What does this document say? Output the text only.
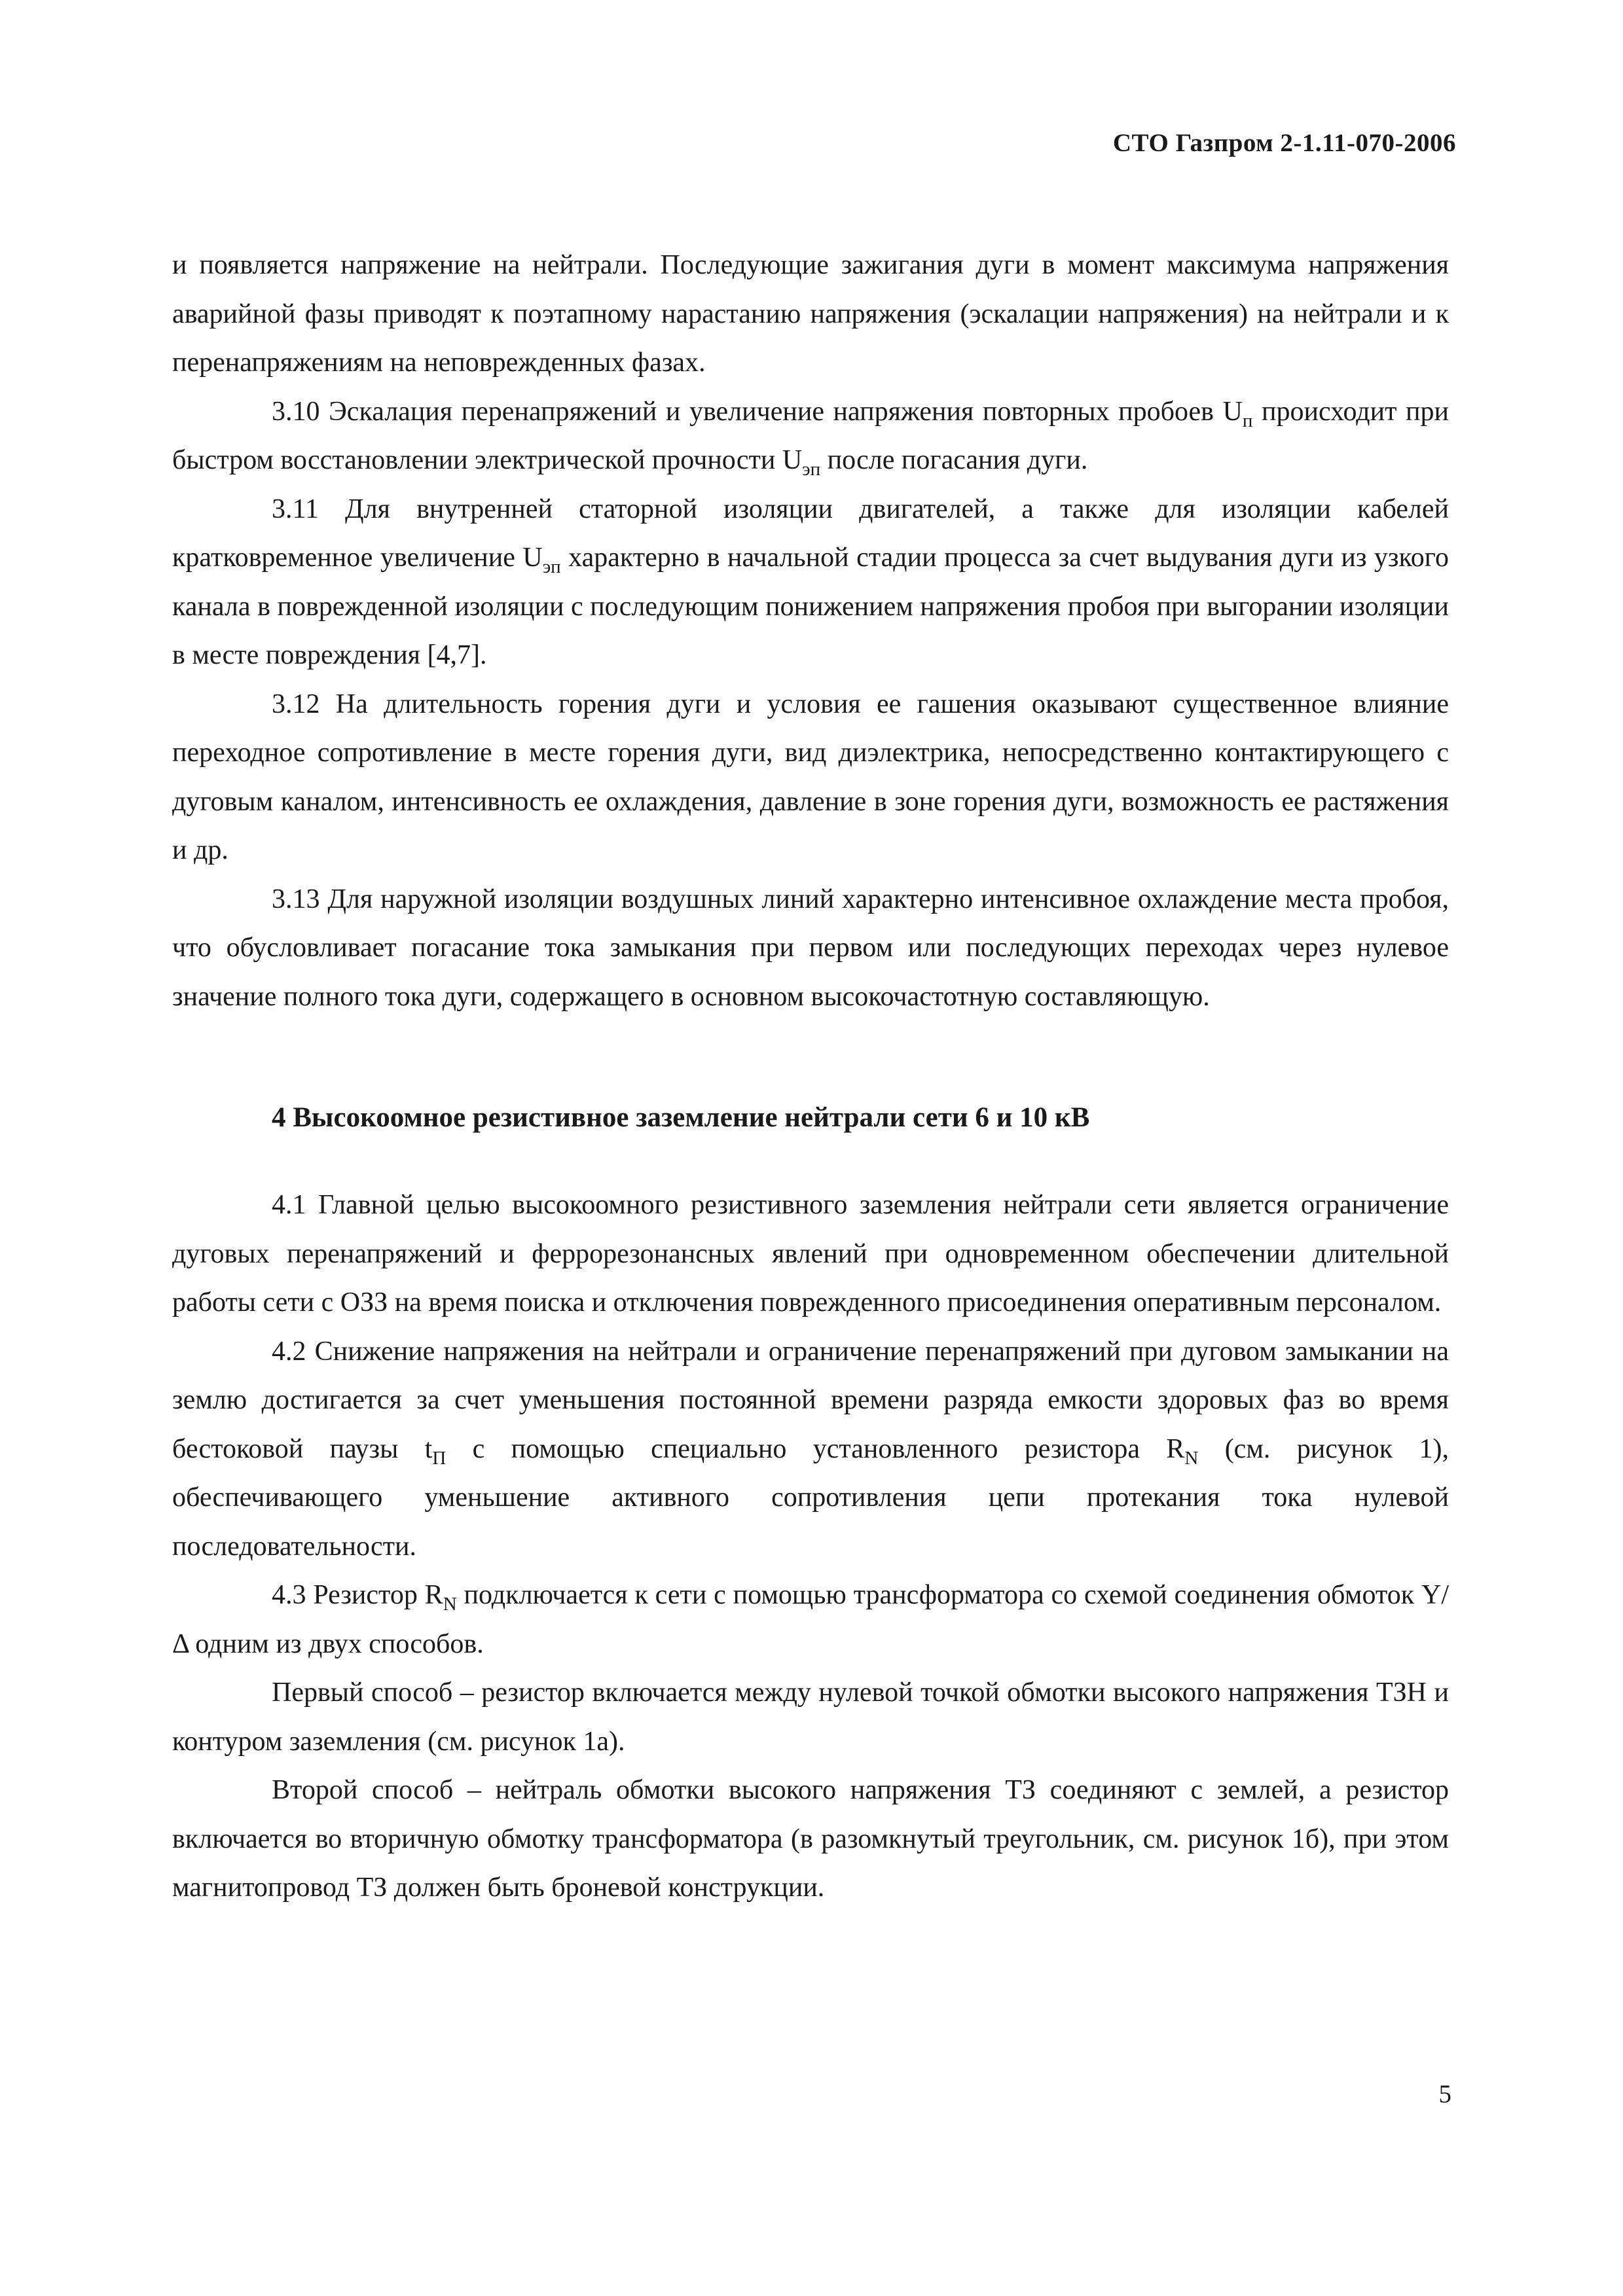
СТО Газпром 2-1.11-070-2006

и появляется напряжение на нейтрали. Последующие зажигания дуги в момент максимума напряжения аварийной фазы приводят к поэтапному нарастанию напряжения (эскалации напряжения) на нейтрали и к перенапряжениям на неповрежденных фазах.

3.10 Эскалация перенапряжений и увеличение напряжения повторных пробоев $U_п$ происходит при быстром восстановлении электрической прочности $U_{эп}$ после погасания дуги.

3.11 Для внутренней статорной изоляции двигателей, а также для изоляции кабелей кратковременное увеличение $U_{эп}$ характерно в начальной стадии процесса за счет выдувания дуги из узкого канала в поврежденной изоляции с последующим понижением напряжения пробоя при выгорании изоляции в месте повреждения [4,7].

3.12 На длительность горения дуги и условия ее гашения оказывают существенное влияние переходное сопротивление в месте горения дуги, вид диэлектрика, непосредственно контактирующего с дуговым каналом, интенсивность ее охлаждения, давление в зоне горения дуги, возможность ее растяжения и др.

3.13 Для наружной изоляции воздушных линий характерно интенсивное охлаждение места пробоя, что обусловливает погасание тока замыкания при первом или последующих переходах через нулевое значение полного тока дуги, содержащего в основном высокочастотную составляющую.

4 Высокоомное резистивное заземление нейтрали сети 6 и 10 кВ

4.1 Главной целью высокоомного резистивного заземления нейтрали сети является ограничение дуговых перенапряжений и феррорезонансных явлений при одновременном обеспечении длительной работы сети с ОЗЗ на время поиска и отключения поврежденного присоединения оперативным персоналом.

4.2 Снижение напряжения на нейтрали и ограничение перенапряжений при дуговом замыкании на землю достигается за счет уменьшения постоянной времени разряда емкости здоровых фаз во время бестоковой паузы $t_П$ с помощью специально установленного резистора $R_N$ (см. рисунок 1), обеспечивающего уменьшение активного сопротивления цепи протекания тока нулевой последовательности.

4.3 Резистор $R_N$ подключается к сети с помощью трансформатора со схемой соединения обмоток Y/Δ одним из двух способов.

Первый способ – резистор включается между нулевой точкой обмотки высокого напряжения ТЗН и контуром заземления (см. рисунок 1а).

Второй способ – нейтраль обмотки высокого напряжения ТЗ соединяют с землей, а резистор включается во вторичную обмотку трансформатора (в разомкнутый треугольник, см. рисунок 1б), при этом магнитопровод ТЗ должен быть броневой конструкции.

5
